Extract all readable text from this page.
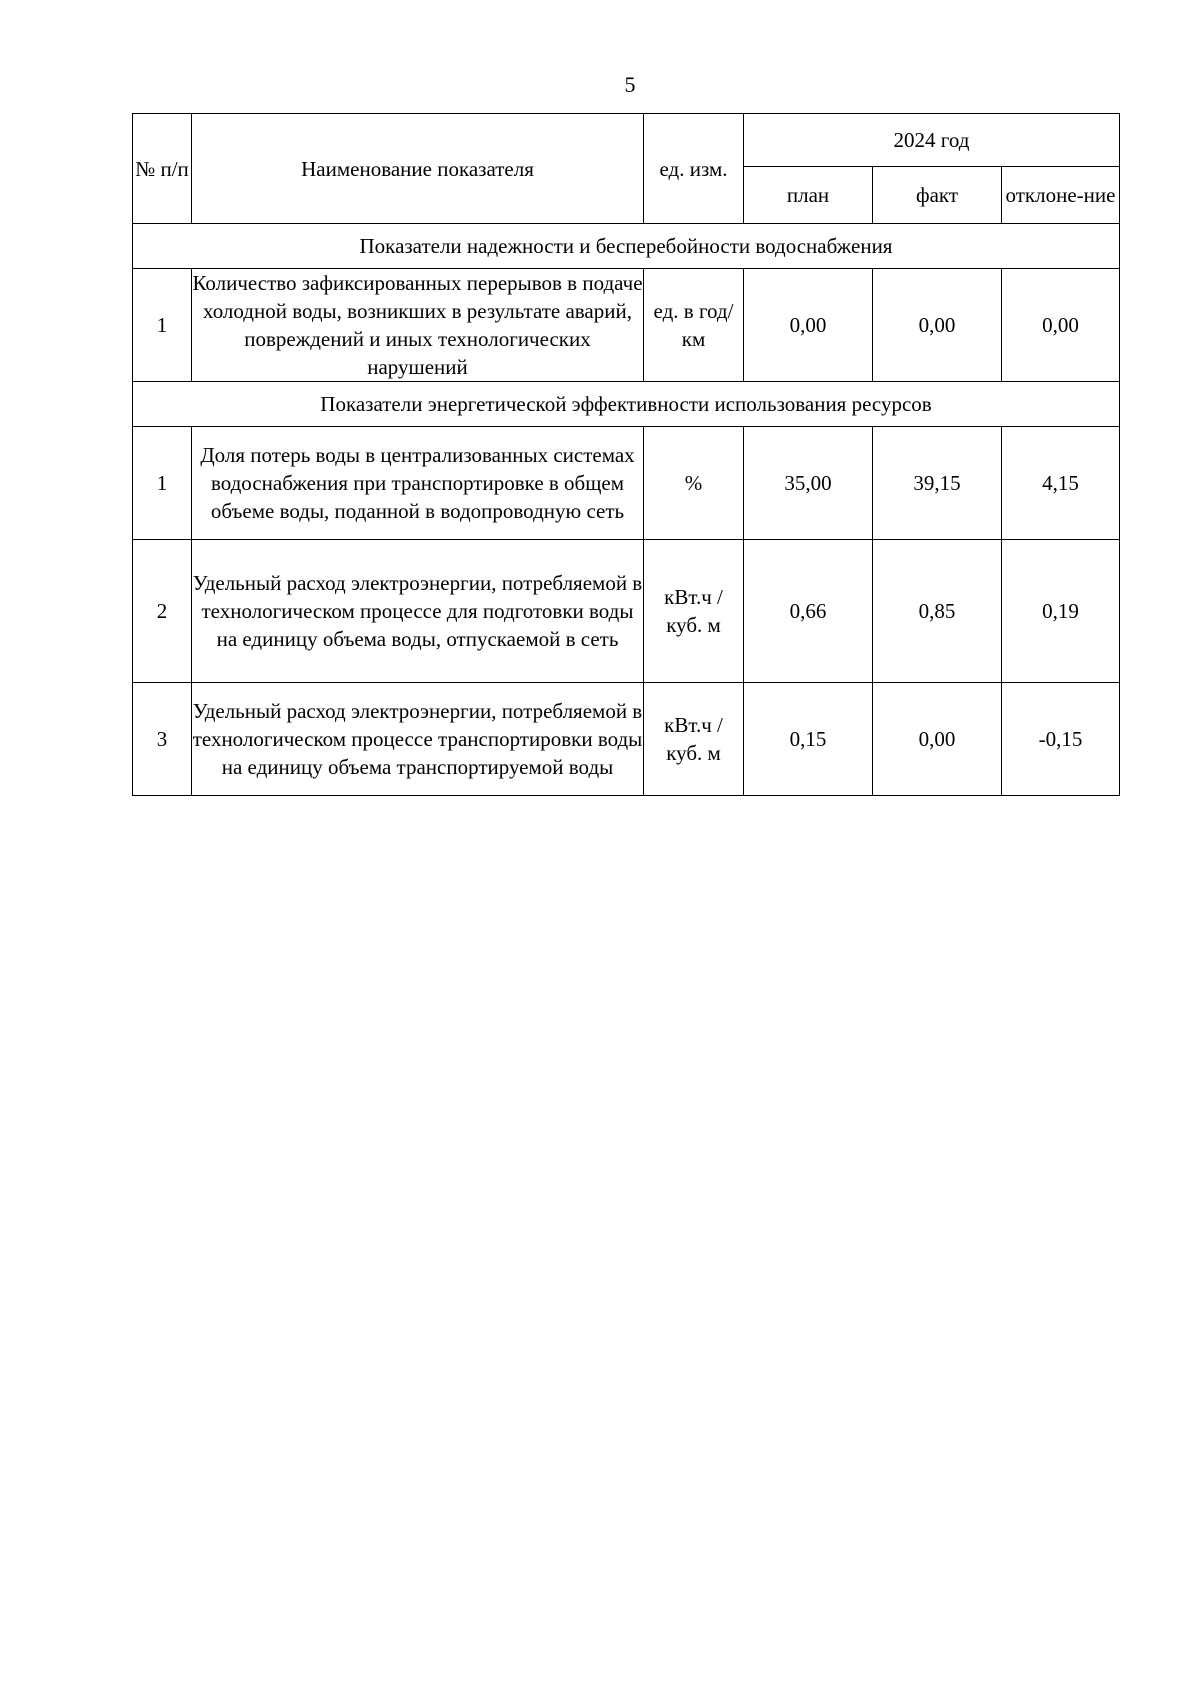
5
№ п/п	Наименование показателя	ед. изм.	2024 год		
			план	факт	отклоне-ние
Показатели надежности и бесперебойности водоснабжения					
1	Количество зафиксированных перерывов в подаче холодной воды, возникших в результате аварий, повреждений и иных технологических нарушений	ед. в год/ км	0,00	0,00	0,00
Показатели энергетической эффективности использования ресурсов					
1	Доля потерь воды в централизованных системах водоснабжения при транспортировке в общем объеме воды, поданной в водопроводную сеть	%	35,00	39,15	4,15
2	Удельный расход электроэнергии, потребляемой в технологическом процессе для подготовки воды на единицу объема воды, отпускаемой в сеть	кВт.ч / куб. м	0,66	0,85	0,19
3	Удельный расход электроэнергии, потребляемой в технологическом процессе транспортировки воды на единицу объема транспортируемой воды	кВт.ч / куб. м	0,15	0,00	-0,15
